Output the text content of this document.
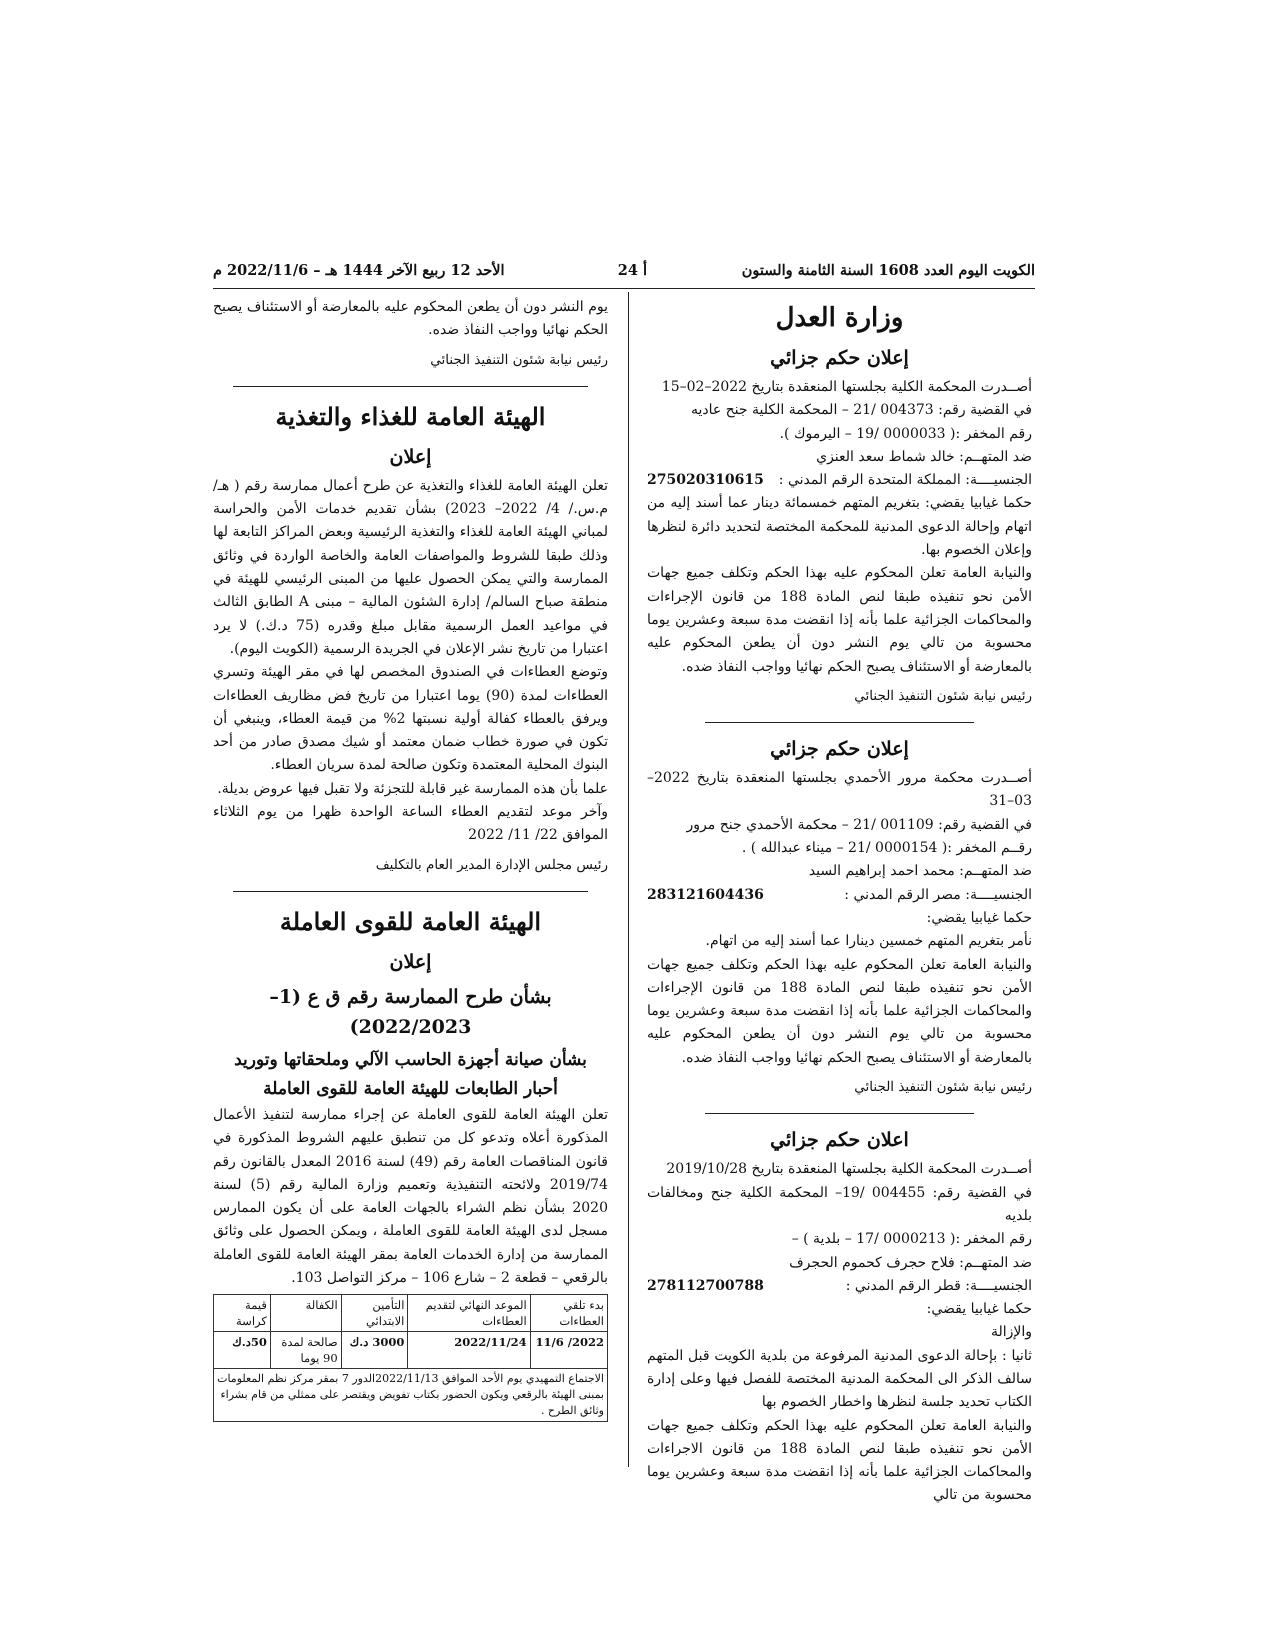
الكويت اليوم العدد 1608 السنة الثامنة والستون
أ 24
الأحد 12 ربيع الآخر 1444 هـ – 2022/11/6 م
وزارة العدل
إعلان حكم جزائي

أصــدرت المحكمة الكلية بجلستها المنعقدة بتاريخ 2022–02–15

في القضية رقم: 004373 /21 – المحكمة الكلية جنح عاديه

رقم المخفر :( 0000033 /19 – اليرموك ).

ضد المتهــم: خالد شماط سعد العنزي

الجنسيــــة: المملكة المتحدة الرقم المدني :
275020310615

حكما غيابيا يقضي: بتغريم المتهم خمسمائة دينار عما أسند إليه من اتهام وإحالة الدعوى المدنية للمحكمة المختصة لتحديد دائرة لنظرها وإعلان الخصوم بها.

والنيابة العامة تعلن المحكوم عليه بهذا الحكم وتكلف جميع جهات الأمن نحو تنفيذه طبقا لنص المادة 188 من قانون الإجراءات والمحاكمات الجزائية علما بأنه إذا انقضت مدة سبعة وعشرين يوما محسوبة من تالي يوم النشر دون أن يطعن المحكوم عليه بالمعارضة أو الاستئناف يصبح الحكم نهائيا وواجب النفاذ ضده.

رئيس نيابة شئون التنفيذ الجنائي

إعلان حكم جزائي

أصــدرت محكمة مرور الأحمدي بجلستها المنعقدة بتاريخ 2022–03–31

في القضية رقم: 001109 /21 – محكمة الأحمدي جنح مرور

رقــم المخفر :( 0000154 /21 – ميناء عبدالله ) .

ضد المتهــم: محمد احمد إبراهيم السيد

الجنسيــــة: مصر الرقم المدني :
283121604436

حكما غيابيا يقضي:

نأمر بتغريم المتهم خمسين دينارا عما أسند إليه من اتهام.

والنيابة العامة تعلن المحكوم عليه بهذا الحكم وتكلف جميع جهات الأمن نحو تنفيذه طبقا لنص المادة 188 من قانون الإجراءات والمحاكمات الجزائية علما بأنه إذا انقضت مدة سبعة وعشرين يوما محسوبة من تالي يوم النشر دون أن يطعن المحكوم عليه بالمعارضة أو الاستئناف يصبح الحكم نهائيا وواجب النفاذ ضده.

رئيس نيابة شئون التنفيذ الجنائي

اعلان حكم جزائي

أصــدرت المحكمة الكلية بجلستها المنعقدة بتاريخ 2019/10/28

في القضية رقم: 004455 /19– المحكمة الكلية جنح ومخالفات بلديه

رقم المخفر :( 0000213 /17 – بلدية ) –

ضد المتهــم: فلاح حجرف كحموم الحجرف

الجنسيــــة: قطر الرقم المدني :
278112700788

حكما غيابيا يقضي:

والإزالة

ثانيا : بإحالة الدعوى المدنية المرفوعة من بلدية الكويت قبل المتهم سالف الذكر الى المحكمة المدنية المختصة للفصل فيها وعلى إدارة الكتاب تحديد جلسة لنظرها واخطار الخصوم بها

والنيابة العامة تعلن المحكوم عليه بهذا الحكم وتكلف جميع جهات الأمن نحو تنفيذه طبقا لنص المادة 188 من قانون الاجراءات والمحاكمات الجزائية علما بأنه إذا انقضت مدة سبعة وعشرين يوما محسوبة من تالي

يوم النشر دون أن يطعن المحكوم عليه بالمعارضة أو الاستئناف يصبح الحكم نهائيا وواجب النفاذ ضده.

رئيس نيابة شئون التنفيذ الجنائي

الهيئة العامة للغذاء والتغذية
إعلان

تعلن الهيئة العامة للغذاء والتغذية عن طرح أعمال ممارسة رقم ( هـ/ م.س./ 4/ 2022– 2023) بشأن تقديم خدمات الأمن والحراسة لمباني الهيئة العامة للغذاء والتغذية الرئيسية وبعض المراكز التابعة لها وذلك طبقا للشروط والمواصفات العامة والخاصة الواردة في وثائق الممارسة والتي يمكن الحصول عليها من المبنى الرئيسي للهيئة في منطقة صباح السالم/ إدارة الشئون المالية – مبنى A الطابق الثالث في مواعيد العمل الرسمية مقابل مبلغ وقدره (75 د.ك.) لا يرد اعتبارا من تاريخ نشر الإعلان في الجريدة الرسمية (الكويت اليوم).

وتوضع العطاءات في الصندوق المخصص لها في مقر الهيئة وتسري العطاءات لمدة (90) يوما اعتبارا من تاريخ فض مظاريف العطاءات ويرفق بالعطاء كفالة أولية نسبتها 2% من قيمة العطاء، وينبغي أن تكون في صورة خطاب ضمان معتمد أو شيك مصدق صادر من أحد البنوك المحلية المعتمدة وتكون صالحة لمدة سريان العطاء.

علما بأن هذه الممارسة غير قابلة للتجزئة ولا تقبل فيها عروض بديلة.

وآخر موعد لتقديم العطاء الساعة الواحدة ظهرا من يوم الثلاثاء الموافق 22/ 11/ 2022

رئيس مجلس الإدارة المدير العام بالتكليف

الهيئة العامة للقوى العاملة
إعلان
بشأن طرح الممارسة رقم ق ع (1–2022/2023)
بشأن صيانة أجهزة الحاسب الآلي وملحقاتها وتوريد
أحبار الطابعات للهيئة العامة للقوى العاملة

تعلن الهيئة العامة للقوى العاملة عن إجراء ممارسة لتنفيذ الأعمال المذكورة أعلاه وتدعو كل من تنطبق عليهم الشروط المذكورة في قانون المناقصات العامة رقم (49) لسنة 2016 المعدل بالقانون رقم 2019/74 ولائحته التنفيذية وتعميم وزارة المالية رقم (5) لسنة 2020 بشأن نظم الشراء بالجهات العامة على أن يكون الممارس مسجل لدى الهيئة العامة للقوى العاملة ، ويمكن الحصول على وثائق الممارسة من إدارة الخدمات العامة بمقر الهيئة العامة للقوى العاملة بالرقعي – قطعة 2 – شارع 106 – مركز التواصل 103.

بدء تلقي العطاءات	الموعد النهائي لتقديم العطاءات	التأمين الابتدائي	الكفالة	قيمة كراسة
2022/ 11/6	2022/11/24	3000 د.ك	صالحة لمدة 90 يوما	50د.ك
الاجتماع التمهيدي يوم الأحد الموافق 2022/11/13الدور 7 بمقر مركز نظم المعلومات بمبنى الهيئة بالرقعي ويكون الحضور بكتاب تفويض ويقتصر على ممثلي من قام بشراء وثائق الطرح .				
